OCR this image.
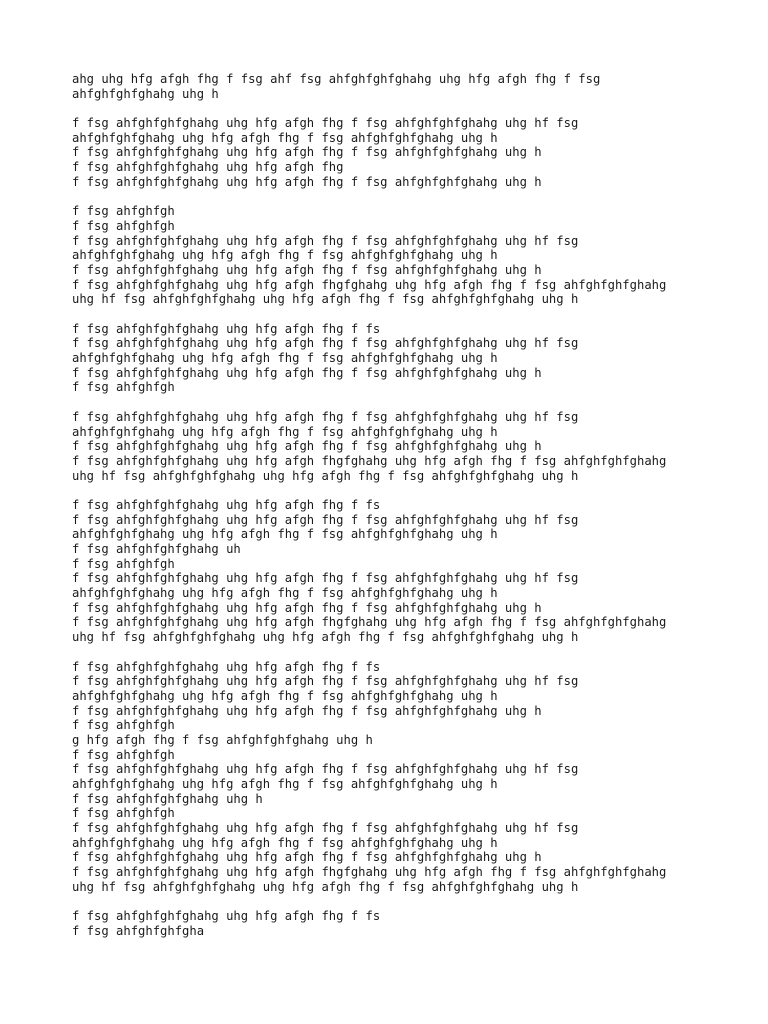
ahg uhg hfg afgh fhg f fsg ahf fsg ahfghfghfghahg uhg hfg afgh fhg f fsg
ahfghfghfghahg uhg h
f fsg ahfghfghfghahg uhg hfg afgh fhg f fsg ahfghfghfghahg uhg hf fsg
ahfghfghfghahg uhg hfg afgh fhg f fsg ahfghfghfghahg uhg h
f fsg ahfghfghfghahg uhg hfg afgh fhg f fsg ahfghfghfghahg uhg h
f fsg ahfghfghfghahg uhg hfg afgh fhg
f fsg ahfghfghfghahg uhg hfg afgh fhg f fsg ahfghfghfghahg uhg h
f fsg ahfghfgh
f fsg ahfghfgh
f fsg ahfghfghfghahg uhg hfg afgh fhg f fsg ahfghfghfghahg uhg hf fsg
ahfghfghfghahg uhg hfg afgh fhg f fsg ahfghfghfghahg uhg h
f fsg ahfghfghfghahg uhg hfg afgh fhg f fsg ahfghfghfghahg uhg h
f fsg ahfghfghfghahg uhg hfg afgh fhgfghahg uhg hfg afgh fhg f fsg ahfghfghfghahg
uhg hf fsg ahfghfghfghahg uhg hfg afgh fhg f fsg ahfghfghfghahg uhg h
f fsg ahfghfghfghahg uhg hfg afgh fhg f fs
f fsg ahfghfghfghahg uhg hfg afgh fhg f fsg ahfghfghfghahg uhg hf fsg
ahfghfghfghahg uhg hfg afgh fhg f fsg ahfghfghfghahg uhg h
f fsg ahfghfghfghahg uhg hfg afgh fhg f fsg ahfghfghfghahg uhg h
f fsg ahfghfgh
f fsg ahfghfghfghahg uhg hfg afgh fhg f fsg ahfghfghfghahg uhg hf fsg
ahfghfghfghahg uhg hfg afgh fhg f fsg ahfghfghfghahg uhg h
f fsg ahfghfghfghahg uhg hfg afgh fhg f fsg ahfghfghfghahg uhg h
f fsg ahfghfghfghahg uhg hfg afgh fhgfghahg uhg hfg afgh fhg f fsg ahfghfghfghahg
uhg hf fsg ahfghfghfghahg uhg hfg afgh fhg f fsg ahfghfghfghahg uhg h
f fsg ahfghfghfghahg uhg hfg afgh fhg f fs
f fsg ahfghfghfghahg uhg hfg afgh fhg f fsg ahfghfghfghahg uhg hf fsg
ahfghfghfghahg uhg hfg afgh fhg f fsg ahfghfghfghahg uhg h
f fsg ahfghfghfghahg uh
f fsg ahfghfgh
f fsg ahfghfghfghahg uhg hfg afgh fhg f fsg ahfghfghfghahg uhg hf fsg
ahfghfghfghahg uhg hfg afgh fhg f fsg ahfghfghfghahg uhg h
f fsg ahfghfghfghahg uhg hfg afgh fhg f fsg ahfghfghfghahg uhg h
f fsg ahfghfghfghahg uhg hfg afgh fhgfghahg uhg hfg afgh fhg f fsg ahfghfghfghahg
uhg hf fsg ahfghfghfghahg uhg hfg afgh fhg f fsg ahfghfghfghahg uhg h
f fsg ahfghfghfghahg uhg hfg afgh fhg f fs
f fsg ahfghfghfghahg uhg hfg afgh fhg f fsg ahfghfghfghahg uhg hf fsg
ahfghfghfghahg uhg hfg afgh fhg f fsg ahfghfghfghahg uhg h
f fsg ahfghfghfghahg uhg hfg afgh fhg f fsg ahfghfghfghahg uhg h
f fsg ahfghfgh
g hfg afgh fhg f fsg ahfghfghfghahg uhg h
f fsg ahfghfgh
f fsg ahfghfghfghahg uhg hfg afgh fhg f fsg ahfghfghfghahg uhg hf fsg
ahfghfghfghahg uhg hfg afgh fhg f fsg ahfghfghfghahg uhg h
f fsg ahfghfghfghahg uhg h
f fsg ahfghfgh
f fsg ahfghfghfghahg uhg hfg afgh fhg f fsg ahfghfghfghahg uhg hf fsg
ahfghfghfghahg uhg hfg afgh fhg f fsg ahfghfghfghahg uhg h
f fsg ahfghfghfghahg uhg hfg afgh fhg f fsg ahfghfghfghahg uhg h
f fsg ahfghfghfghahg uhg hfg afgh fhgfghahg uhg hfg afgh fhg f fsg ahfghfghfghahg
uhg hf fsg ahfghfghfghahg uhg hfg afgh fhg f fsg ahfghfghfghahg uhg h
f fsg ahfghfghfghahg uhg hfg afgh fhg f fs
f fsg ahfghfghfgha
